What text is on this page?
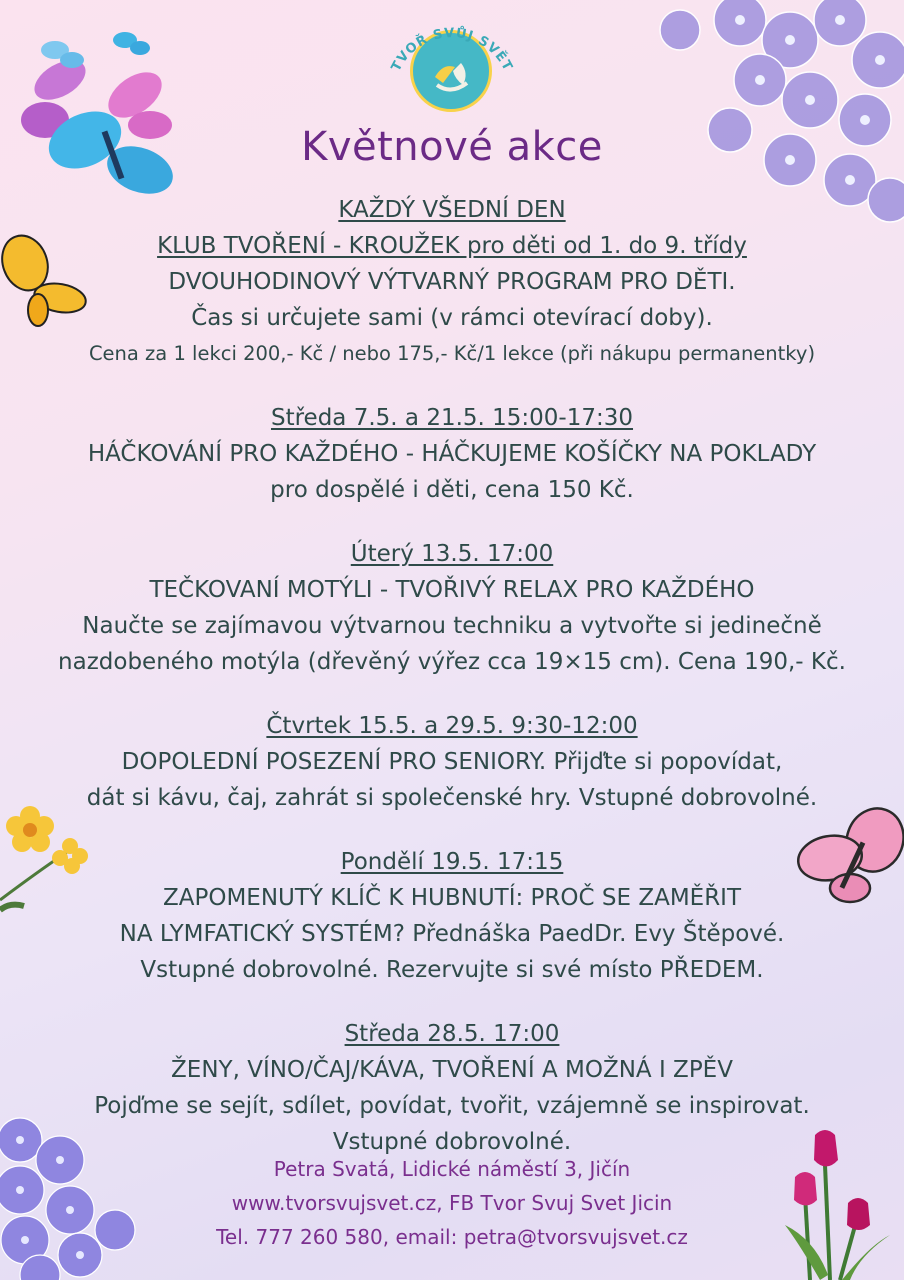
TVOŘ SVŮJ SVĚT
Květnové akce
KAŽDÝ VŠEDNÍ DEN
KLUB TVOŘENÍ - KROUŽEK pro děti od 1. do 9. třídy
DVOUHODINOVÝ VÝTVARNÝ PROGRAM PRO DĚTI.
Čas si určujete sami (v rámci otevírací doby).
Cena za 1 lekci 200,- Kč / nebo 175,- Kč/1 lekce (při nákupu permanentky)
Středa 7.5. a 21.5. 15:00-17:30
HÁČKOVÁNÍ PRO KAŽDÉHO - HÁČKUJEME KOŠÍČKY NA POKLADY
pro dospělé i děti, cena 150 Kč.
Úterý 13.5. 17:00
TEČKOVANÍ MOTÝLI - TVOŘIVÝ RELAX PRO KAŽDÉHO
Naučte se zajímavou výtvarnou techniku a vytvořte si jedinečně
nazdobeného motýla (dřevěný výřez cca 19×15 cm). Cena 190,- Kč.
Čtvrtek 15.5. a 29.5. 9:30-12:00
DOPOLEDNÍ POSEZENÍ PRO SENIORY. Přijďte si popovídat,
dát si kávu, čaj, zahrát si společenské hry. Vstupné dobrovolné.
Pondělí 19.5. 17:15
ZAPOMENUTÝ KLÍČ K HUBNUTÍ: PROČ SE ZAMĚŘIT
NA LYMFATICKÝ SYSTÉM? Přednáška PaedDr. Evy Štěpové.
Vstupné dobrovolné. Rezervujte si své místo PŘEDEM.
Středa 28.5. 17:00
ŽENY, VÍNO/ČAJ/KÁVA, TVOŘENÍ A MOŽNÁ I ZPĚV
Pojďme se sejít, sdílet, povídat, tvořit, vzájemně se inspirovat.
Vstupné dobrovolné.
Petra Svatá, Lidické náměstí 3, Jičín
www.tvorsvujsvet.cz, FB Tvor Svuj Svet Jicin
Tel. 777 260 580, email: petra@tvorsvujsvet.cz
